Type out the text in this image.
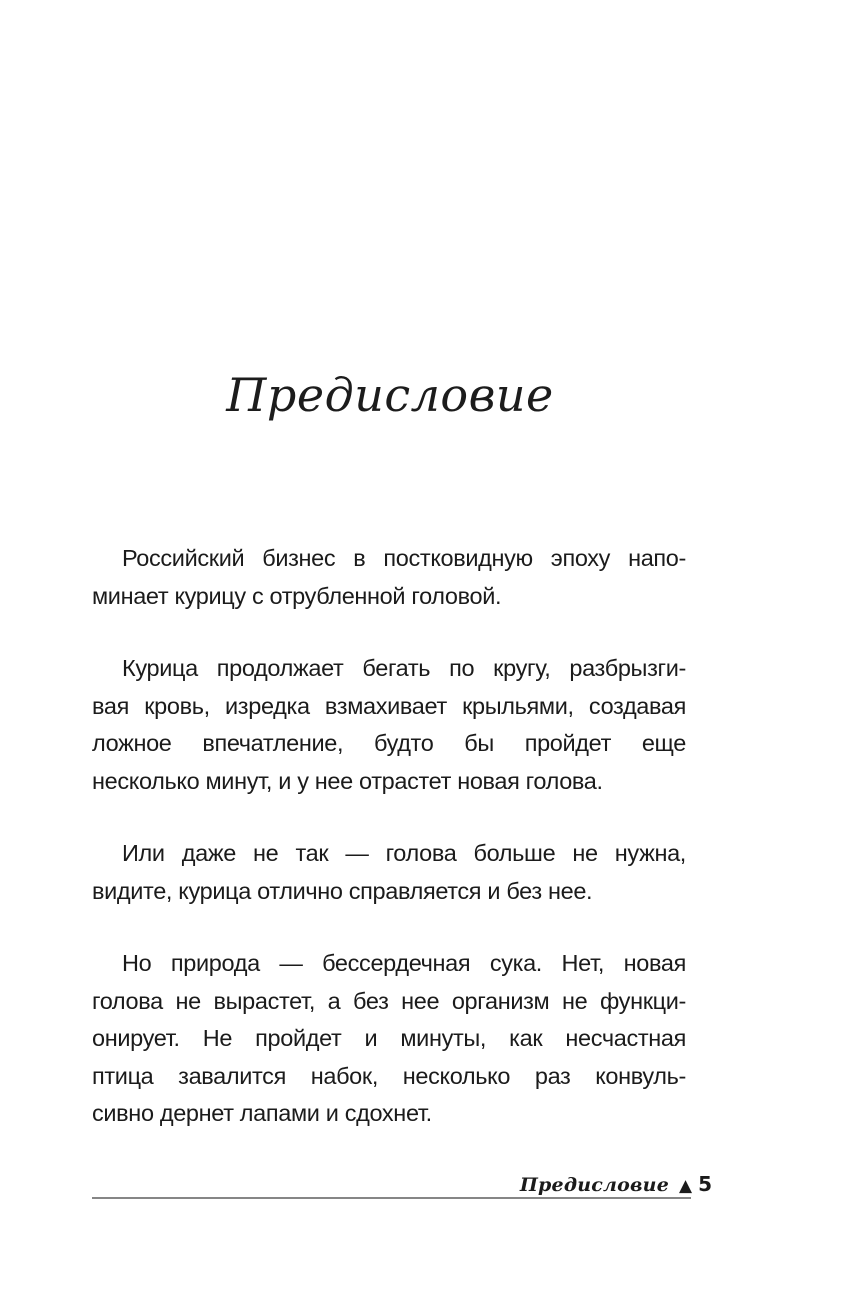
Предисловие
Российский бизнес в постковидную эпоху напо-
минает курицу с отрубленной головой.
Курица продолжает бегать по кругу, разбрызги-
вая кровь, изредка взмахивает крыльями, создавая
ложное впечатление, будто бы пройдет еще
несколько минут, и у нее отрастет новая голова.
Или даже не так — голова больше не нужна,
видите, курица отлично справляется и без нее.
Но природа — бессердечная сука. Нет, новая
голова не вырастет, а без нее организм не функци-
онирует. Не пройдет и минуты, как несчастная
птица завалится набок, несколько раз конвуль-
сивно дернет лапами и сдохнет.
Предисловие ▲ 5
